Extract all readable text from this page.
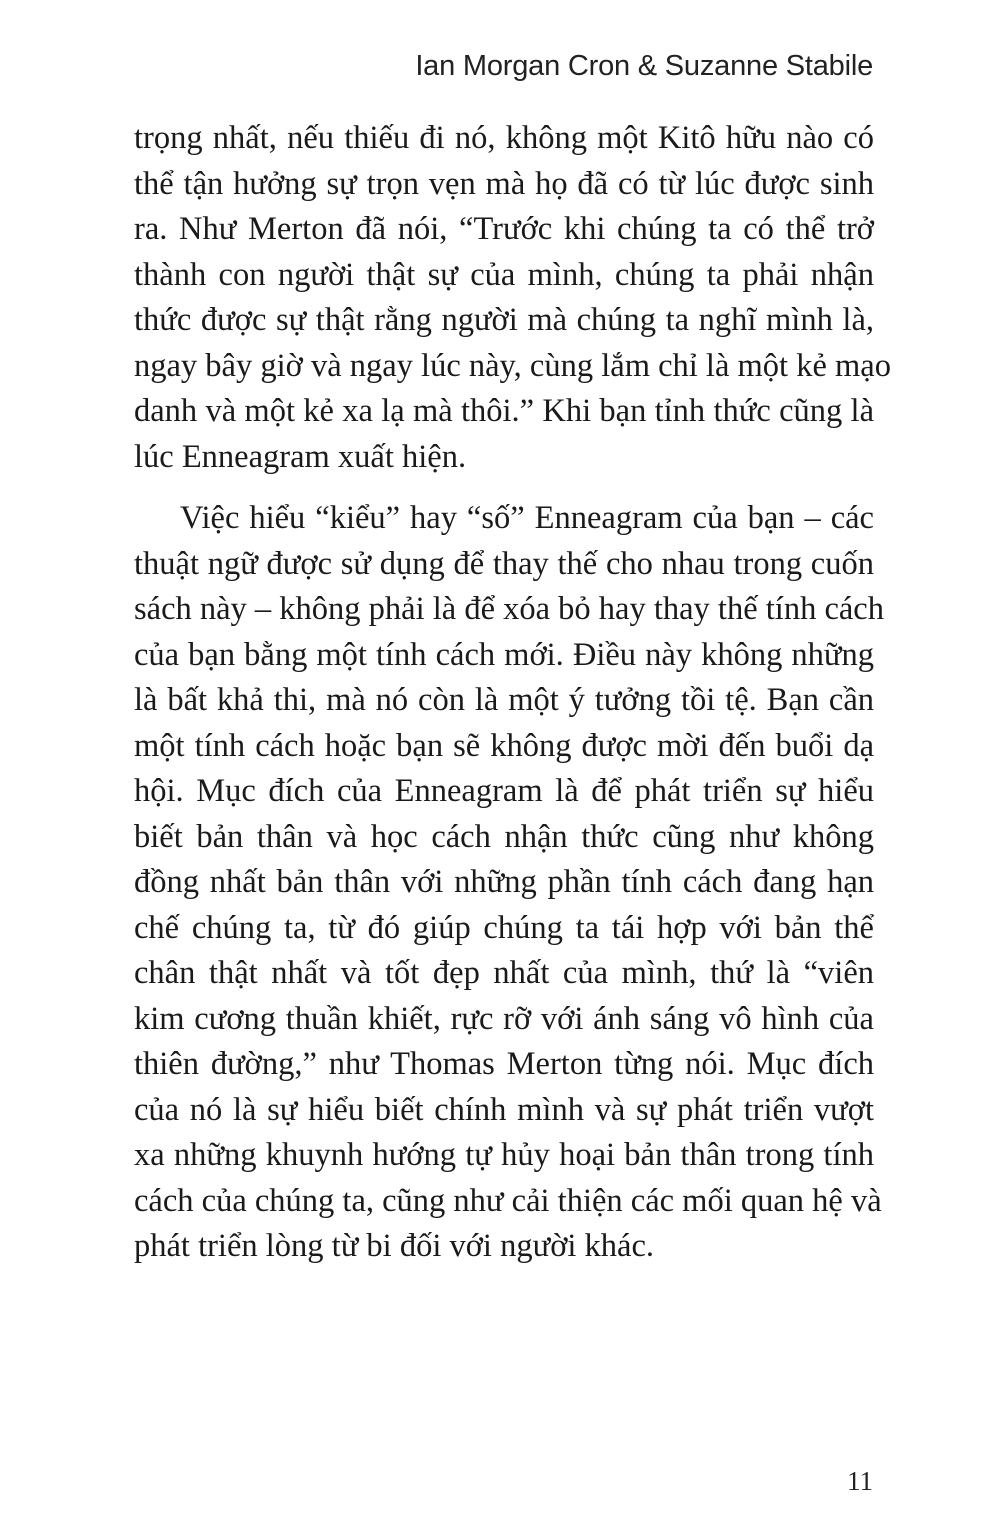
Ian Morgan Cron & Suzanne Stabile
trọng nhất, nếu thiếu đi nó, không một Kitô hữu nào có
thể tận hưởng sự trọn vẹn mà họ đã có từ lúc được sinh
ra. Như Merton đã nói, “Trước khi chúng ta có thể trở
thành con người thật sự của mình, chúng ta phải nhận
thức được sự thật rằng người mà chúng ta nghĩ mình là,
ngay bây giờ và ngay lúc này, cùng lắm chỉ là một kẻ mạo
danh và một kẻ xa lạ mà thôi.” Khi bạn tỉnh thức cũng là
lúc Enneagram xuất hiện.
Việc hiểu “kiểu” hay “số” Enneagram của bạn – các
thuật ngữ được sử dụng để thay thế cho nhau trong cuốn
sách này – không phải là để xóa bỏ hay thay thế tính cách
của bạn bằng một tính cách mới. Điều này không những
là bất khả thi, mà nó còn là một ý tưởng tồi tệ. Bạn cần
một tính cách hoặc bạn sẽ không được mời đến buổi dạ
hội. Mục đích của Enneagram là để phát triển sự hiểu
biết bản thân và học cách nhận thức cũng như không
đồng nhất bản thân với những phần tính cách đang hạn
chế chúng ta, từ đó giúp chúng ta tái hợp với bản thể
chân thật nhất và tốt đẹp nhất của mình, thứ là “viên
kim cương thuần khiết, rực rỡ với ánh sáng vô hình của
thiên đường,” như Thomas Merton từng nói. Mục đích
của nó là sự hiểu biết chính mình và sự phát triển vượt
xa những khuynh hướng tự hủy hoại bản thân trong tính
cách của chúng ta, cũng như cải thiện các mối quan hệ và
phát triển lòng từ bi đối với người khác.
11
